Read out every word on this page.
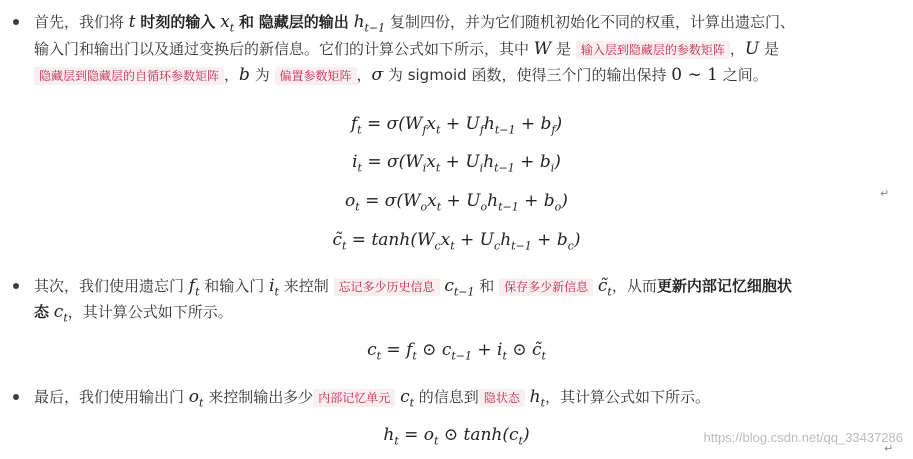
首先，我们将 t 时刻的输入 $x_t$ 和 隐藏层的输出 $h_{t-1}$ 复制四份，并为它们随机初始化不同的权重，计算出遗忘门、
输入门和输出门以及通过变换后的新信息。它们的计算公式如下所示，其中 W 是 输入层到隐藏层的参数矩阵 ，U 是
隐藏层到隐藏层的自循环参数矩阵 ，b 为 偏置参数矩阵 ，σ 为 sigmoid 函数，使得三个门的输出保持 0 ∼ 1 之间。
$f_t = \sigma(W_fx_t + U_fh_{t-1} + b_f)$
$i_t = \sigma(W_ix_t + U_ih_{t-1} + b_i)$
$o_t = \sigma(W_ox_t + U_oh_{t-1} + b_o)$
$c̃_t = \tanh(W_cx_t + U_ch_{t-1} + b_c)$
其次，我们使用遗忘门 $f_t$ 和输入门 $i_t$ 来控制 忘记多少历史信息 $c_{t-1}$ 和 保存多少新信息 $c̃_t$，从而更新内部记忆细胞状
态 $c_t$，其计算公式如下所示。
$c_t = f_t$ ⊙ $c_{t-1} + i_t$ ⊙ $c̃_t$
最后，我们使用输出门 $o_t$ 来控制输出多少 内部记忆单元 $c_t$ 的信息到 隐状态 $h_t$，其计算公式如下所示。
$h_t = o_t$ ⊙ $\tanh(c_t)$
↵
↵
https://blog.csdn.net/qq_33437286
